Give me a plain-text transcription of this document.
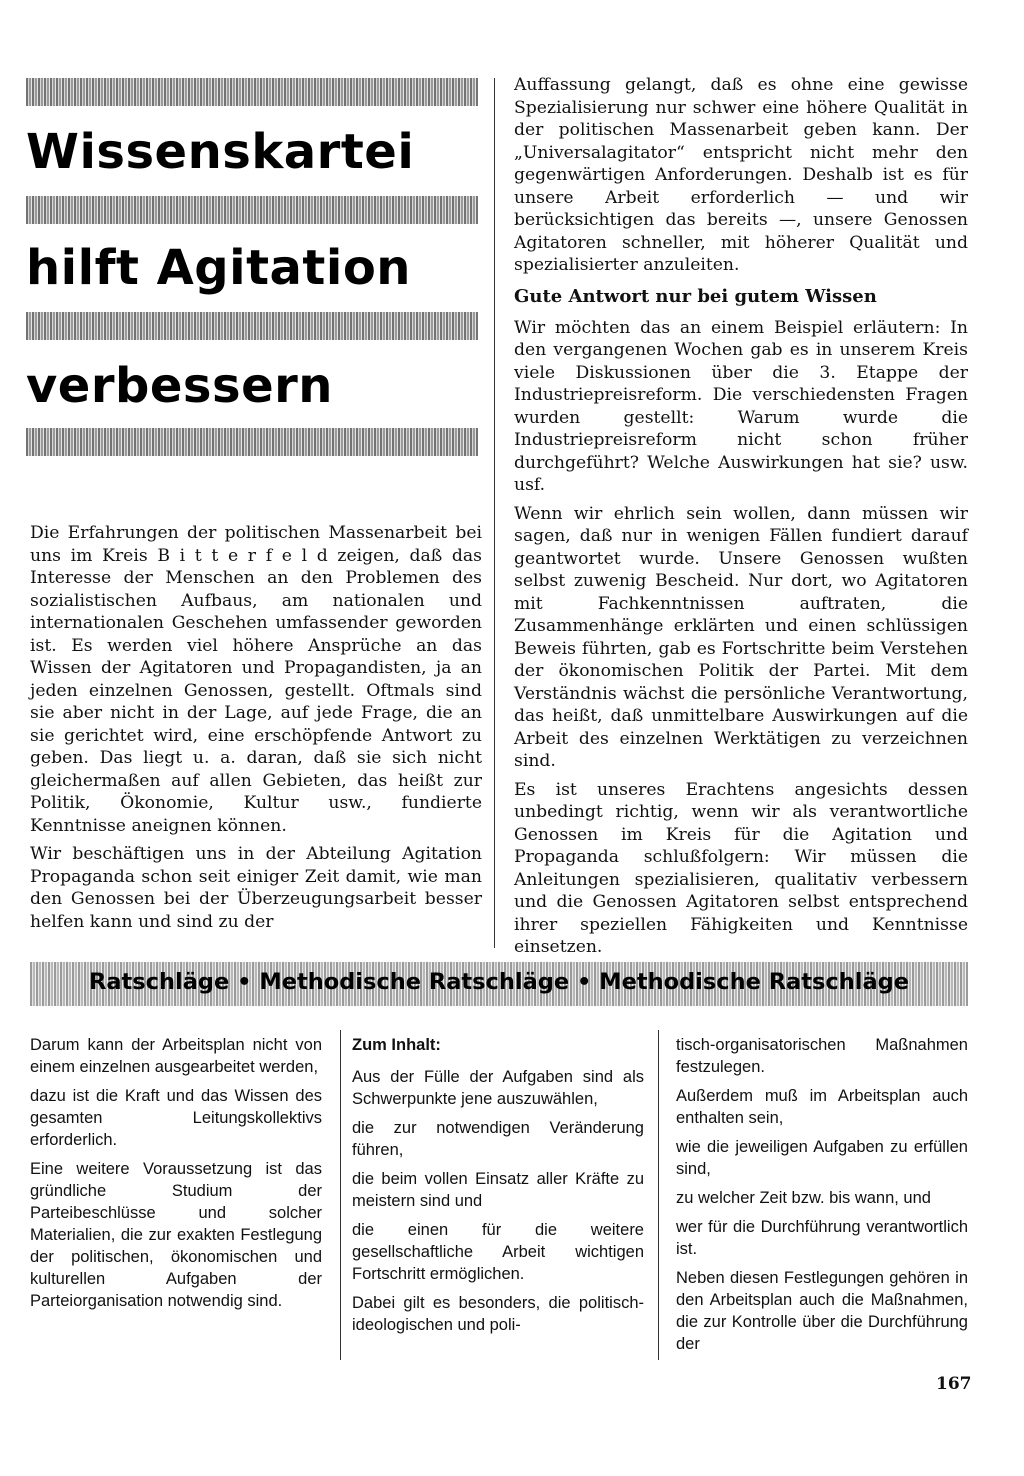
Wissenskartei
hilft Agitation
verbessern

Die Erfahrungen der politischen Massenarbeit bei uns im Kreis B i t t e r f e l d zeigen, daß das Interesse der Menschen an den Problemen des sozialistischen Aufbaus, am nationalen und internationalen Geschehen umfassender geworden ist. Es werden viel höhere Ansprüche an das Wissen der Agitatoren und Propagandisten, ja an jeden einzelnen Genossen, gestellt. Oftmals sind sie aber nicht in der Lage, auf jede Frage, die an sie gerichtet wird, eine erschöpfende Antwort zu geben. Das liegt u. a. daran, daß sie sich nicht gleichermaßen auf allen Gebieten, das heißt zur Politik, Ökonomie, Kultur usw., fundierte Kenntnisse aneignen können.

Wir beschäftigen uns in der Abteilung Agitation Propaganda schon seit einiger Zeit damit, wie man den Genossen bei der Überzeugungsarbeit besser helfen kann und sind zu der

Auffassung gelangt, daß es ohne eine gewisse Spezialisierung nur schwer eine höhere Qualität in der politischen Massenarbeit geben kann. Der „Universalagitator“ entspricht nicht mehr den gegenwärtigen Anforderungen. Deshalb ist es für unsere Arbeit erforderlich — und wir berücksichtigen das bereits —, unsere Genossen Agitatoren schneller, mit höherer Qualität und spezialisierter anzuleiten.

Gute Antwort nur bei gutem Wissen

Wir möchten das an einem Beispiel erläutern: In den vergangenen Wochen gab es in unserem Kreis viele Diskussionen über die 3. Etappe der Industriepreisreform. Die verschiedensten Fragen wurden gestellt: Warum wurde die Industriepreisreform nicht schon früher durchgeführt? Welche Auswirkungen hat sie? usw. usf.

Wenn wir ehrlich sein wollen, dann müssen wir sagen, daß nur in wenigen Fällen fundiert darauf geantwortet wurde. Unsere Genossen wußten selbst zuwenig Bescheid. Nur dort, wo Agitatoren mit Fachkenntnissen auftraten, die Zusammenhänge erklärten und einen schlüssigen Beweis führten, gab es Fortschritte beim Verstehen der ökonomischen Politik der Partei. Mit dem Verständnis wächst die persönliche Verantwortung, das heißt, daß unmittelbare Auswirkungen auf die Arbeit des einzelnen Werktätigen zu verzeichnen sind.

Es ist unseres Erachtens angesichts dessen unbedingt richtig, wenn wir als verantwortliche Genossen im Kreis für die Agitation und Propaganda schlußfolgern: Wir müssen die Anleitungen spezialisieren, qualitativ verbessern und die Genossen Agitatoren selbst entsprechend ihrer speziellen Fähigkeiten und Kenntnisse einsetzen.

Ratschläge • Methodische Ratschläge • Methodische Ratschläge

Darum kann der Arbeitsplan nicht von einem einzelnen ausgearbeitet werden,

dazu ist die Kraft und das Wissen des gesamten Leitungskollektivs erforderlich.

Eine weitere Voraussetzung ist das gründliche Studium der Parteibeschlüsse und solcher Materialien, die zur exakten Festlegung der politischen, ökonomischen und kulturellen Aufgaben der Parteiorganisation notwendig sind.

Zum Inhalt:

Aus der Fülle der Aufgaben sind als Schwerpunkte jene auszuwählen,

die zur notwendigen Veränderung führen,

die beim vollen Einsatz aller Kräfte zu meistern sind und

die einen für die weitere gesellschaftliche Arbeit wichtigen Fortschritt ermöglichen.

Dabei gilt es besonders, die politisch-ideologischen und poli-

tisch-organisatorischen Maßnahmen festzulegen.

Außerdem muß im Arbeitsplan auch enthalten sein,

wie die jeweiligen Aufgaben zu erfüllen sind,

zu welcher Zeit bzw. bis wann, und

wer für die Durchführung verantwortlich ist.

Neben diesen Festlegungen gehören in den Arbeitsplan auch die Maßnahmen, die zur Kontrolle über die Durchführung der

167
